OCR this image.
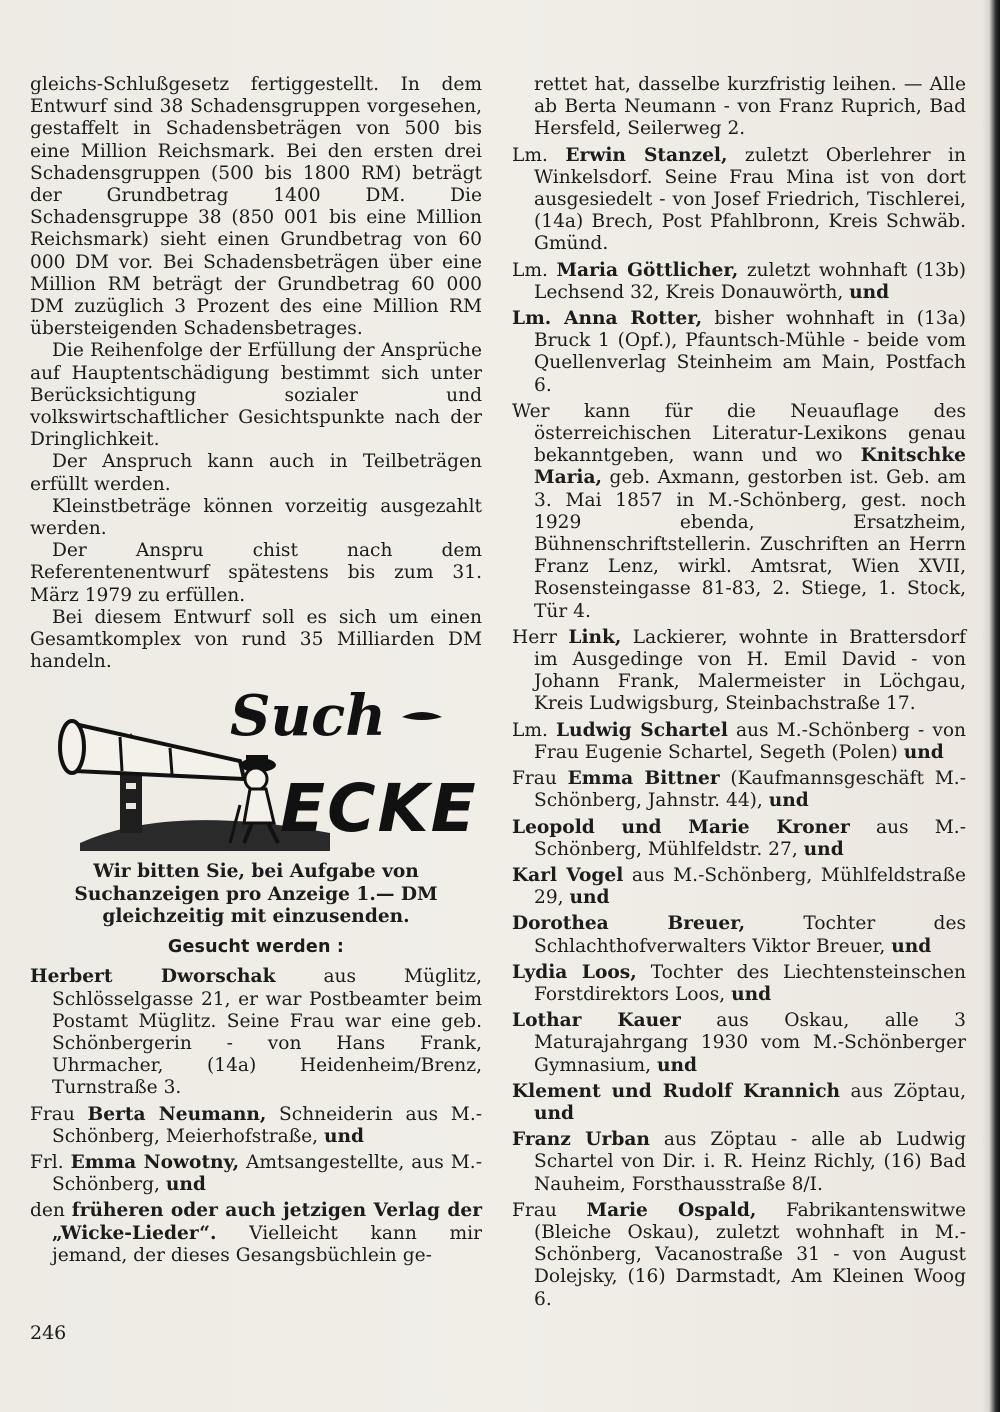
gleichs-Schlußgesetz fertiggestellt. In dem Entwurf sind 38 Schadensgruppen vorgesehen, gestaffelt in Schadensbeträgen von 500 bis eine Million Reichsmark. Bei den ersten drei Schadensgruppen (500 bis 1800 RM) beträgt der Grundbetrag 1400 DM. Die Schadensgruppe 38 (850 001 bis eine Million Reichsmark) sieht einen Grundbetrag von 60 000 DM vor. Bei Schadensbeträgen über eine Million RM beträgt der Grundbetrag 60 000 DM zuzüglich 3 Prozent des eine Million RM übersteigenden Schadensbetrages.

Die Reihenfolge der Erfüllung der Ansprüche auf Hauptentschädigung bestimmt sich unter Berücksichtigung sozialer und volkswirtschaftlicher Gesichtspunkte nach der Dringlichkeit.

Der Anspruch kann auch in Teilbeträgen erfüllt werden.

Kleinstbeträge können vorzeitig ausgezahlt werden.

Der Anspru chist nach dem Referentenentwurf spätestens bis zum 31. März 1979 zu erfüllen.

Bei diesem Entwurf soll es sich um einen Gesamtkomplex von rund 35 Milliarden DM handeln.

Such
ECKE
Wir bitten Sie, bei Aufgabe von Suchanzeigen pro Anzeige 1.— DM gleichzeitig mit einzusenden.
Gesucht werden :

Herbert Dworschak aus Müglitz, Schlösselgasse 21, er war Postbeamter beim Postamt Müglitz. Seine Frau war eine geb. Schönbergerin - von Hans Frank, Uhrmacher, (14a) Heidenheim/Brenz, Turnstraße 3.

Frau Berta Neumann, Schneiderin aus M.-Schönberg, Meierhofstraße, und

Frl. Emma Nowotny, Amtsangestellte, aus M.-Schönberg, und

den früheren oder auch jetzigen Verlag der „Wicke-Lieder“. Vielleicht kann mir jemand, der dieses Gesangsbüchlein ge-

rettet hat, dasselbe kurzfristig leihen. — Alle ab Berta Neumann - von Franz Ruprich, Bad Hersfeld, Seilerweg 2.

Lm. Erwin Stanzel, zuletzt Oberlehrer in Winkelsdorf. Seine Frau Mina ist von dort ausgesiedelt - von Josef Friedrich, Tischlerei, (14a) Brech, Post Pfahlbronn, Kreis Schwäb. Gmünd.

Lm. Maria Göttlicher, zuletzt wohnhaft (13b) Lechsend 32, Kreis Donauwörth, und

Lm. Anna Rotter, bisher wohnhaft in (13a) Bruck 1 (Opf.), Pfauntsch-Mühle - beide vom Quellenverlag Steinheim am Main, Postfach 6.

Wer kann für die Neuauflage des österreichischen Literatur-Lexikons genau bekanntgeben, wann und wo Knitschke Maria, geb. Axmann, gestorben ist. Geb. am 3. Mai 1857 in M.-Schönberg, gest. noch 1929 ebenda, Ersatzheim, Bühnenschriftstellerin. Zuschriften an Herrn Franz Lenz, wirkl. Amtsrat, Wien XVII, Rosensteingasse 81-83, 2. Stiege, 1. Stock, Tür 4.

Herr Link, Lackierer, wohnte in Brattersdorf im Ausgedinge von H. Emil David - von Johann Frank, Malermeister in Löchgau, Kreis Ludwigsburg, Steinbachstraße 17.

Lm. Ludwig Schartel aus M.-Schönberg - von Frau Eugenie Schartel, Segeth (Polen) und

Frau Emma Bittner (Kaufmannsgeschäft M.-Schönberg, Jahnstr. 44), und

Leopold und Marie Kroner aus M.-Schönberg, Mühlfeldstr. 27, und

Karl Vogel aus M.-Schönberg, Mühlfeldstraße 29, und

Dorothea Breuer, Tochter des Schlachthofverwalters Viktor Breuer, und

Lydia Loos, Tochter des Liechtensteinschen Forstdirektors Loos, und

Lothar Kauer aus Oskau, alle 3 Maturajahrgang 1930 vom M.-Schönberger Gymnasium, und

Klement und Rudolf Krannich aus Zöptau, und

Franz Urban aus Zöptau - alle ab Ludwig Schartel von Dir. i. R. Heinz Richly, (16) Bad Nauheim, Forsthausstraße 8/I.

Frau Marie Ospald, Fabrikantenswitwe (Bleiche Oskau), zuletzt wohnhaft in M.-Schönberg, Vacanostraße 31 - von August Dolejsky, (16) Darmstadt, Am Kleinen Woog 6.

246
